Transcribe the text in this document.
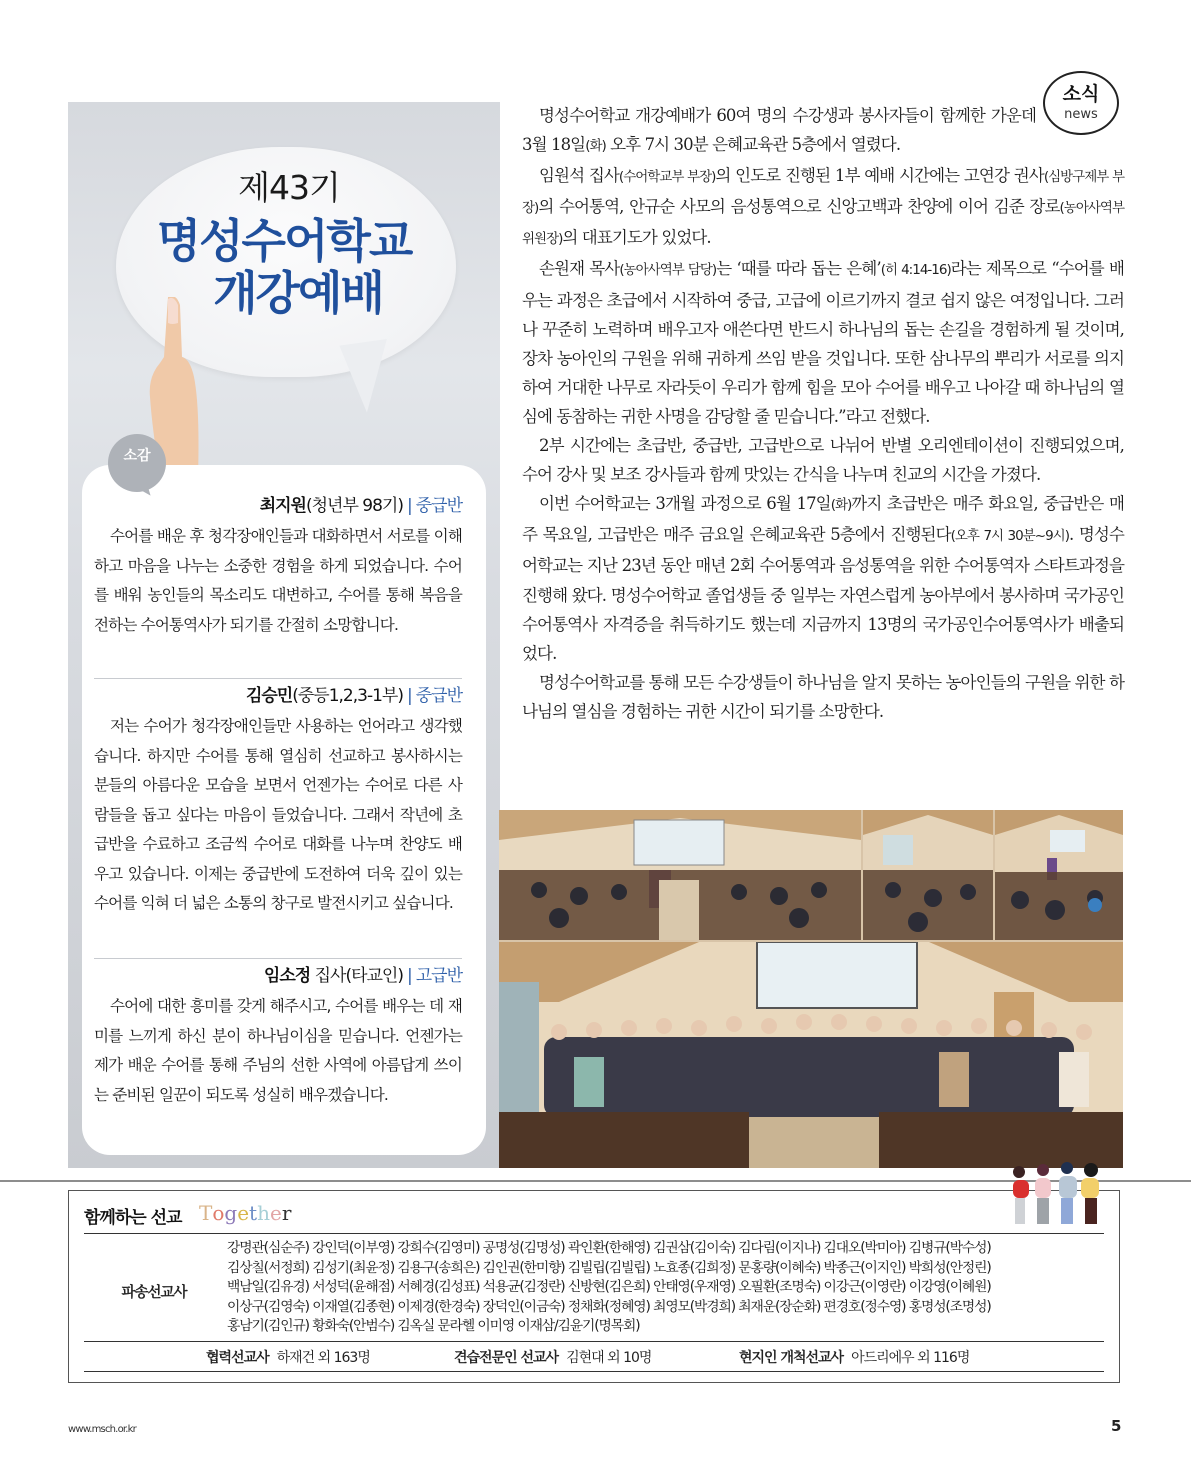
제43기
명성수어학교
개강예배
소감
최지원(청년부 98기) | 중급반
수어를 배운 후 청각장애인들과 대화하면서 서로를 이해하고 마음을 나누는 소중한 경험을 하게 되었습니다. 수어를 배워 농인들의 목소리도 대변하고, 수어를 통해 복음을 전하는 수어통역사가 되기를 간절히 소망합니다.
김승민(중등1,2,3-1부) | 중급반
저는 수어가 청각장애인들만 사용하는 언어라고 생각했습니다. 하지만 수어를 통해 열심히 선교하고 봉사하시는 분들의 아름다운 모습을 보면서 언젠가는 수어로 다른 사람들을 돕고 싶다는 마음이 들었습니다. 그래서 작년에 초급반을 수료하고 조금씩 수어로 대화를 나누며 찬양도 배우고 있습니다. 이제는 중급반에 도전하여 더욱 깊이 있는 수어를 익혀 더 넓은 소통의 창구로 발전시키고 싶습니다.
임소정 집사(타교인) | 고급반
수어에 대한 흥미를 갖게 해주시고, 수어를 배우는 데 재미를 느끼게 하신 분이 하나님이심을 믿습니다. 언젠가는 제가 배운 수어를 통해 주님의 선한 사역에 아름답게 쓰이는 준비된 일꾼이 되도록 성실히 배우겠습니다.
소식
news

명성수어학교 개강예배가 60여 명의 수강생과 봉사자들이 함께한 가운데 3월 18일(화) 오후 7시 30분 은혜교육관 5층에서 열렸다.

임원석 집사(수어학교부 부장)의 인도로 진행된 1부 예배 시간에는 고연강 권사(심방구제부 부장)의 수어통역, 안규순 사모의 음성통역으로 신앙고백과 찬양에 이어 김준 장로(농아사역부 위원장)의 대표기도가 있었다.

손원재 목사(농아사역부 담당)는 ‘때를 따라 돕는 은혜’(히 4:14-16)라는 제목으로 “수어를 배우는 과정은 초급에서 시작하여 중급, 고급에 이르기까지 결코 쉽지 않은 여정입니다. 그러나 꾸준히 노력하며 배우고자 애쓴다면 반드시 하나님의 돕는 손길을 경험하게 될 것이며, 장차 농아인의 구원을 위해 귀하게 쓰임 받을 것입니다. 또한 삼나무의 뿌리가 서로를 의지하여 거대한 나무로 자라듯이 우리가 함께 힘을 모아 수어를 배우고 나아갈 때 하나님의 열심에 동참하는 귀한 사명을 감당할 줄 믿습니다.”라고 전했다.

2부 시간에는 초급반, 중급반, 고급반으로 나뉘어 반별 오리엔테이션이 진행되었으며, 수어 강사 및 보조 강사들과 함께 맛있는 간식을 나누며 친교의 시간을 가졌다.

이번 수어학교는 3개월 과정으로 6월 17일(화)까지 초급반은 매주 화요일, 중급반은 매주 목요일, 고급반은 매주 금요일 은혜교육관 5층에서 진행된다(오후 7시 30분~9시). 명성수어학교는 지난 23년 동안 매년 2회 수어통역과 음성통역을 위한 수어통역자 스타트과정을 진행해 왔다. 명성수어학교 졸업생들 중 일부는 자연스럽게 농아부에서 봉사하며 국가공인 수어통역사 자격증을 취득하기도 했는데 지금까지 13명의 국가공인수어통역사가 배출되었다.

명성수어학교를 통해 모든 수강생들이 하나님을 알지 못하는 농아인들의 구원을 위한 하나님의 열심을 경험하는 귀한 시간이 되기를 소망한다.

함께하는 선교 Together
파송선교사
강명관(심순주) 강인덕(이부영) 강희수(김영미) 공명성(김명성) 곽인환(한해영) 김권삼(김이숙) 김다림(이지나) 김대오(박미아) 김병규(박수성)
김상칠(서정희) 김성기(최윤정) 김용구(송희은) 김인권(한미향) 김빌립(김빌립) 노효종(김희정) 문홍량(이혜숙) 박종근(이지인) 박희성(안정린)
백남일(김유경) 서성덕(윤해점) 서혜경(김성표) 석용균(김정란) 신방현(김은희) 안태영(우재영) 오필환(조명숙) 이강근(이영란) 이강영(이혜원)
이상구(김영숙) 이재열(김종현) 이제경(한경숙) 장덕인(이금숙) 정채화(정혜영) 최영모(박경희) 최재운(장순화) 편경호(정수영) 홍명성(조명성)
홍남기(김인규) 황화숙(안범수) 김옥실 문라헬 이미영 이재삼/김윤기(명목회)
협력선교사 하재건 외 163명	견습전문인 선교사 김현대 외 10명	현지인 개척선교사 아드리에우 외 116명
www.msch.or.kr	5
